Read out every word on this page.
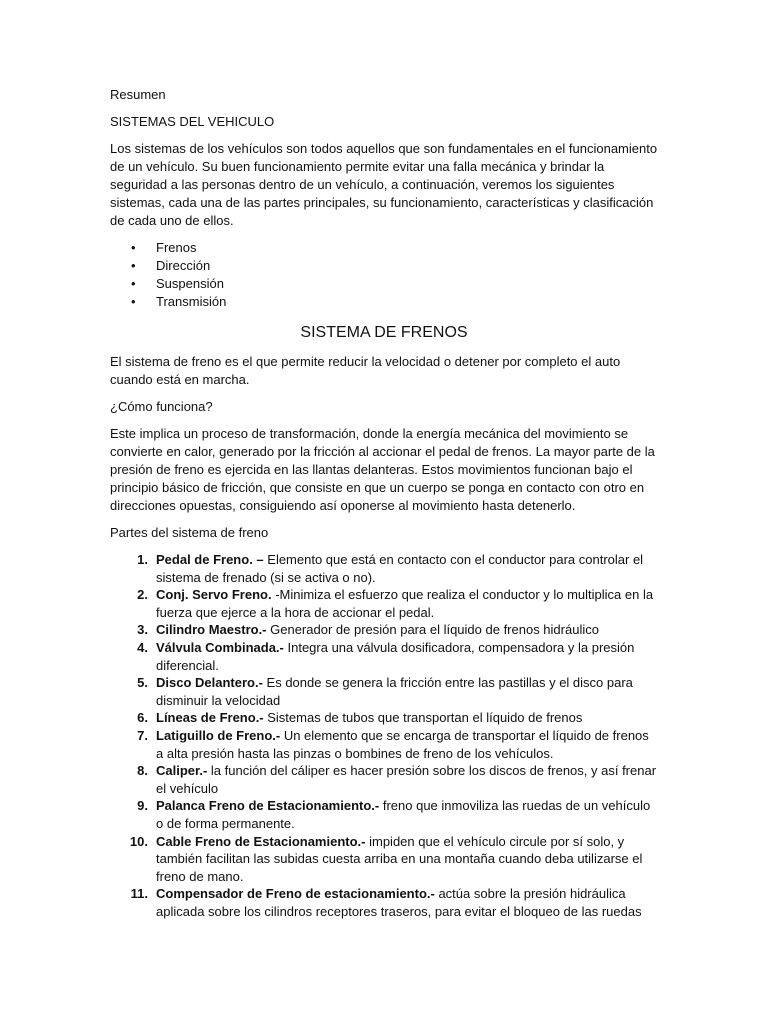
Resumen

SISTEMAS DEL VEHICULO

Los sistemas de los vehículos son todos aquellos que son fundamentales en el funcionamiento de un vehículo. Su buen funcionamiento permite evitar una falla mecánica y brindar la seguridad a las personas dentro de un vehículo, a continuación, veremos los siguientes sistemas, cada una de las partes principales, su funcionamiento, características y clasificación de cada uno de ellos.

• Frenos
• Dirección
• Suspensión
• Transmisión
SISTEMA DE FRENOS

El sistema de freno es el que permite reducir la velocidad o detener por completo el auto cuando está en marcha.

¿Cómo funciona?

Este implica un proceso de transformación, donde la energía mecánica del movimiento se convierte en calor, generado por la fricción al accionar el pedal de frenos. La mayor parte de la presión de freno es ejercida en las llantas delanteras. Estos movimientos funcionan bajo el principio básico de fricción, que consiste en que un cuerpo se ponga en contacto con otro en direcciones opuestas, consiguiendo así oponerse al movimiento hasta detenerlo.

Partes del sistema de freno

1. Pedal de Freno. – Elemento que está en contacto con el conductor para controlar el sistema de frenado (si se activa o no).
2. Conj. Servo Freno. -Minimiza el esfuerzo que realiza el conductor y lo multiplica en la fuerza que ejerce a la hora de accionar el pedal.
3. Cilindro Maestro.- Generador de presión para el líquido de frenos hidráulico
4. Válvula Combinada.- Integra una válvula dosificadora, compensadora y la presión diferencial.
5. Disco Delantero.- Es donde se genera la fricción entre las pastillas y el disco para disminuir la velocidad
6. Líneas de Freno.- Sistemas de tubos que transportan el líquido de frenos
7. Latiguillo de Freno.- Un elemento que se encarga de transportar el líquido de frenos a alta presión hasta las pinzas o bombines de freno de los vehículos.
8. Caliper.- la función del cáliper es hacer presión sobre los discos de frenos, y así frenar el vehículo
9. Palanca Freno de Estacionamiento.- freno que inmoviliza las ruedas de un vehículo o de forma permanente.
10. Cable Freno de Estacionamiento.- impiden que el vehículo circule por sí solo, y también facilitan las subidas cuesta arriba en una montaña cuando deba utilizarse el freno de mano.
11. Compensador de Freno de estacionamiento.- actúa sobre la presión hidráulica aplicada sobre los cilindros receptores traseros, para evitar el bloqueo de las ruedas
